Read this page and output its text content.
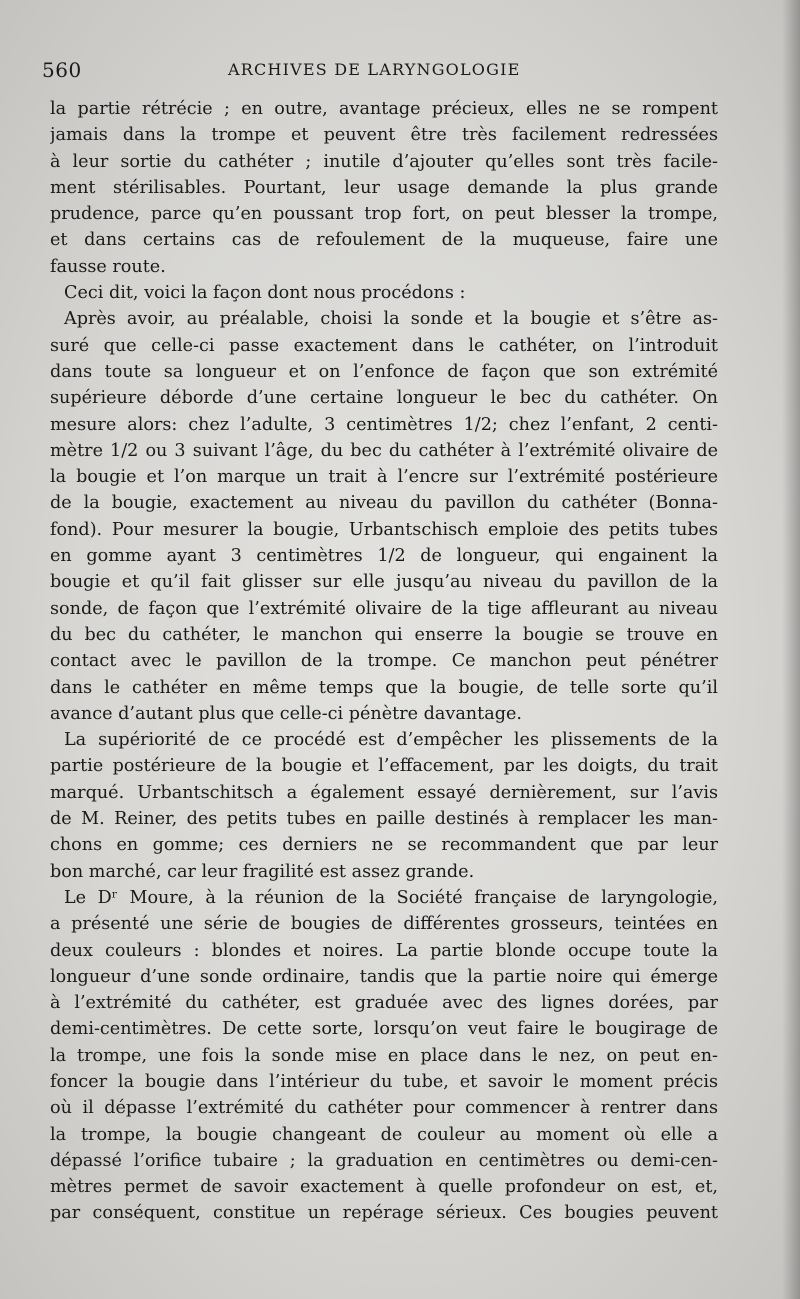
560	ARCHIVES DE LARYNGOLOGIE
la partie rétrécie ; en outre, avantage précieux, elles ne se rompent
jamais dans la trompe et peuvent être très facilement redressées
à leur sortie du cathéter ; inutile d’ajouter qu’elles sont très facile-
ment stérilisables. Pourtant, leur usage demande la plus grande
prudence, parce qu’en poussant trop fort, on peut blesser la trompe,
et dans certains cas de refoulement de la muqueuse, faire une
fausse route.
Ceci dit, voici la façon dont nous procédons :
Après avoir, au préalable, choisi la sonde et la bougie et s’être as-
suré que celle-ci passe exactement dans le cathéter, on l’introduit
dans toute sa longueur et on l’enfonce de façon que son extrémité
supérieure déborde d’une certaine longueur le bec du cathéter. On
mesure alors: chez l’adulte, 3 centimètres 1/2; chez l’enfant, 2 centi-
mètre 1/2 ou 3 suivant l’âge, du bec du cathéter à l’extrémité olivaire de
la bougie et l’on marque un trait à l’encre sur l’extrémité postérieure
de la bougie, exactement au niveau du pavillon du cathéter (Bonna-
fond). Pour mesurer la bougie, Urbantschisch emploie des petits tubes
en gomme ayant 3 centimètres 1/2 de longueur, qui engainent la
bougie et qu’il fait glisser sur elle jusqu’au niveau du pavillon de la
sonde, de façon que l’extrémité olivaire de la tige affleurant au niveau
du bec du cathéter, le manchon qui enserre la bougie se trouve en
contact avec le pavillon de la trompe. Ce manchon peut pénétrer
dans le cathéter en même temps que la bougie, de telle sorte qu’il
avance d’autant plus que celle-ci pénètre davantage.
La supériorité de ce procédé est d’empêcher les plissements de la
partie postérieure de la bougie et l’effacement, par les doigts, du trait
marqué. Urbantschitsch a également essayé dernièrement, sur l’avis
de M. Reiner, des petits tubes en paille destinés à remplacer les man-
chons en gomme; ces derniers ne se recommandent que par leur
bon marché, car leur fragilité est assez grande.
Le Dʳ Moure, à la réunion de la Société française de laryngologie,
a présenté une série de bougies de différentes grosseurs, teintées en
deux couleurs : blondes et noires. La partie blonde occupe toute la
longueur d’une sonde ordinaire, tandis que la partie noire qui émerge
à l’extrémité du cathéter, est graduée avec des lignes dorées, par
demi-centimètres. De cette sorte, lorsqu’on veut faire le bougirage de
la trompe, une fois la sonde mise en place dans le nez, on peut en-
foncer la bougie dans l’intérieur du tube, et savoir le moment précis
où il dépasse l’extrémité du cathéter pour commencer à rentrer dans
la trompe, la bougie changeant de couleur au moment où elle a
dépassé l’orifice tubaire ; la graduation en centimètres ou demi-cen-
mètres permet de savoir exactement à quelle profondeur on est, et,
par conséquent, constitue un repérage sérieux. Ces bougies peuvent
